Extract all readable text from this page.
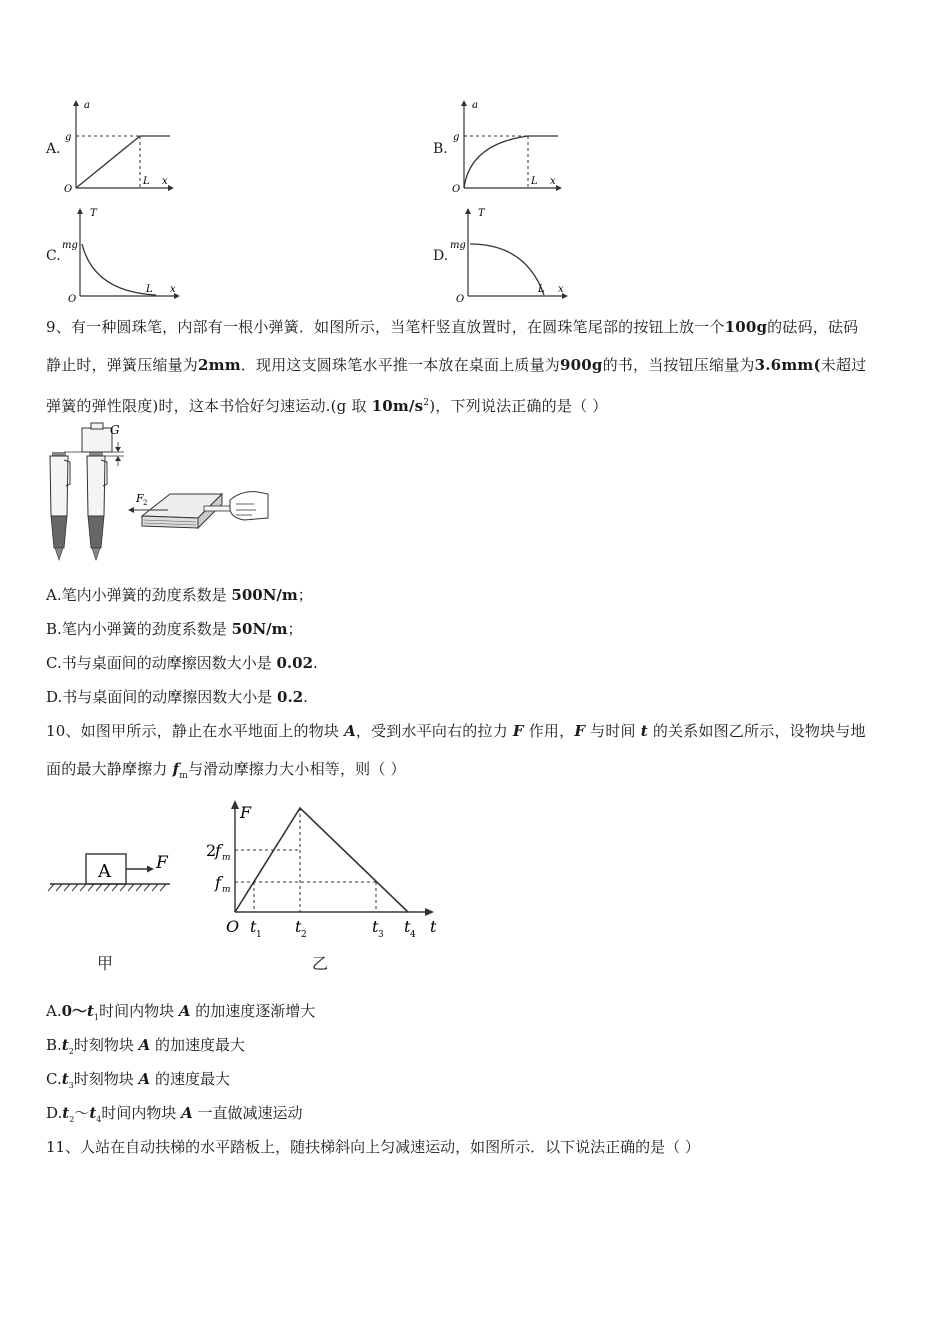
A.
a
g
O
L x
B.
a
g
O
L x
C.
T
mg
O
L x
D.
T
mg
O
L x
9、有一种圆珠笔，内部有一根小弹簧．如图所示，当笔杆竖直放置时，在圆珠笔尾部的按钮上放一个100g的砝码，砝码
静止时，弹簧压缩量为2mm．现用这支圆珠笔水平推一本放在桌面上质量为900g的书，当按钮压缩量为3.6mm(未超过
弹簧的弹性限度)时，这本书恰好匀速运动.(g 取 $10m/s^2$)，下列说法正确的是（ ）
G
F 2
A.笔内小弹簧的劲度系数是 500N/m；
B.笔内小弹簧的劲度系数是 50N/m；
C.书与桌面间的动摩擦因数大小是 0.02.
D.书与桌面间的动摩擦因数大小是 0.2.
10、如图甲所示，静止在水平地面上的物块 A，受到水平向右的拉力 F 作用，F 与时间 t 的关系如图乙所示，设物块与地
面的最大静摩擦力 $f_m$与滑动摩擦力大小相等，则（ ）
A	F
甲
F
t
O
2
f m
f m
t 1 t 2	t 3 t 4
乙
$A.0\sim t_1$时间内物块 A 的加速度逐渐增大
$B.t_2$时刻物块 A 的加速度最大
$C.t_3$时刻物块 A 的速度最大
$D.t_2\sim t_4$时间内物块 A 一直做减速运动
11、人站在自动扶梯的水平踏板上，随扶梯斜向上匀减速运动，如图所示．以下说法正确的是（ ）
